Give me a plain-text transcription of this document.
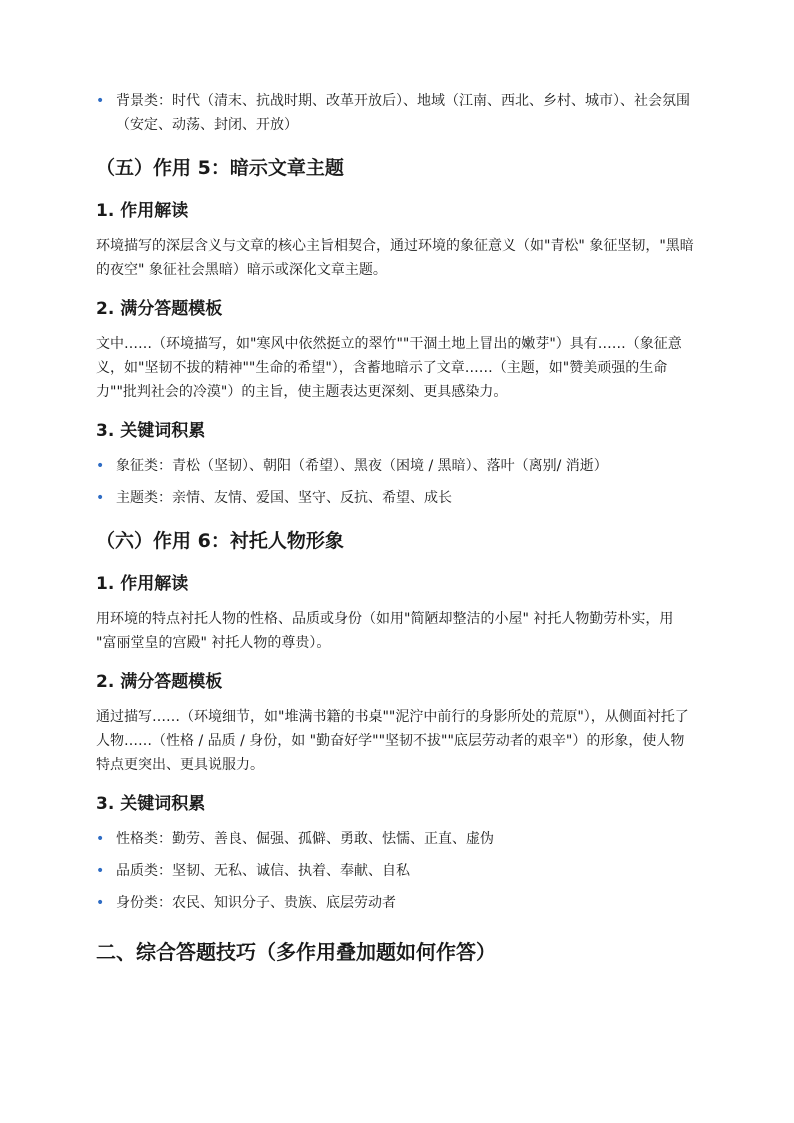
• 背景类：时代（清末、抗战时期、改革开放后）、地域（江南、西北、乡村、城市）、社会氛围（安定、动荡、封闭、开放）
（五）作用 5：暗示文章主题
1. 作用解读

环境描写的深层含义与文章的核心主旨相契合，通过环境的象征意义（如"青松" 象征坚韧，"黑暗的夜空" 象征社会黑暗）暗示或深化文章主题。

2. 满分答题模板

文中……（环境描写，如"寒风中依然挺立的翠竹""干涸土地上冒出的嫩芽"）具有……（象征意义，如"坚韧不拔的精神""生命的希望"），含蓄地暗示了文章……（主题，如"赞美顽强的生命力""批判社会的冷漠"）的主旨，使主题表达更深刻、更具感染力。

3. 关键词积累
• 象征类：青松（坚韧）、朝阳（希望）、黑夜（困境 / 黑暗）、落叶（离别/ 消逝）
• 主题类：亲情、友情、爱国、坚守、反抗、希望、成长
（六）作用 6：衬托人物形象
1. 作用解读

用环境的特点衬托人物的性格、品质或身份（如用"简陋却整洁的小屋" 衬托人物勤劳朴实，用 "富丽堂皇的宫殿" 衬托人物的尊贵）。

2. 满分答题模板

通过描写……（环境细节，如"堆满书籍的书桌""泥泞中前行的身影所处的荒原"），从侧面衬托了人物……（性格 / 品质 / 身份，如 "勤奋好学""坚韧不拔""底层劳动者的艰辛"）的形象，使人物特点更突出、更具说服力。

3. 关键词积累
• 性格类：勤劳、善良、倔强、孤僻、勇敢、怯懦、正直、虚伪
• 品质类：坚韧、无私、诚信、执着、奉献、自私
• 身份类：农民、知识分子、贵族、底层劳动者
二、综合答题技巧（多作用叠加题如何作答）
